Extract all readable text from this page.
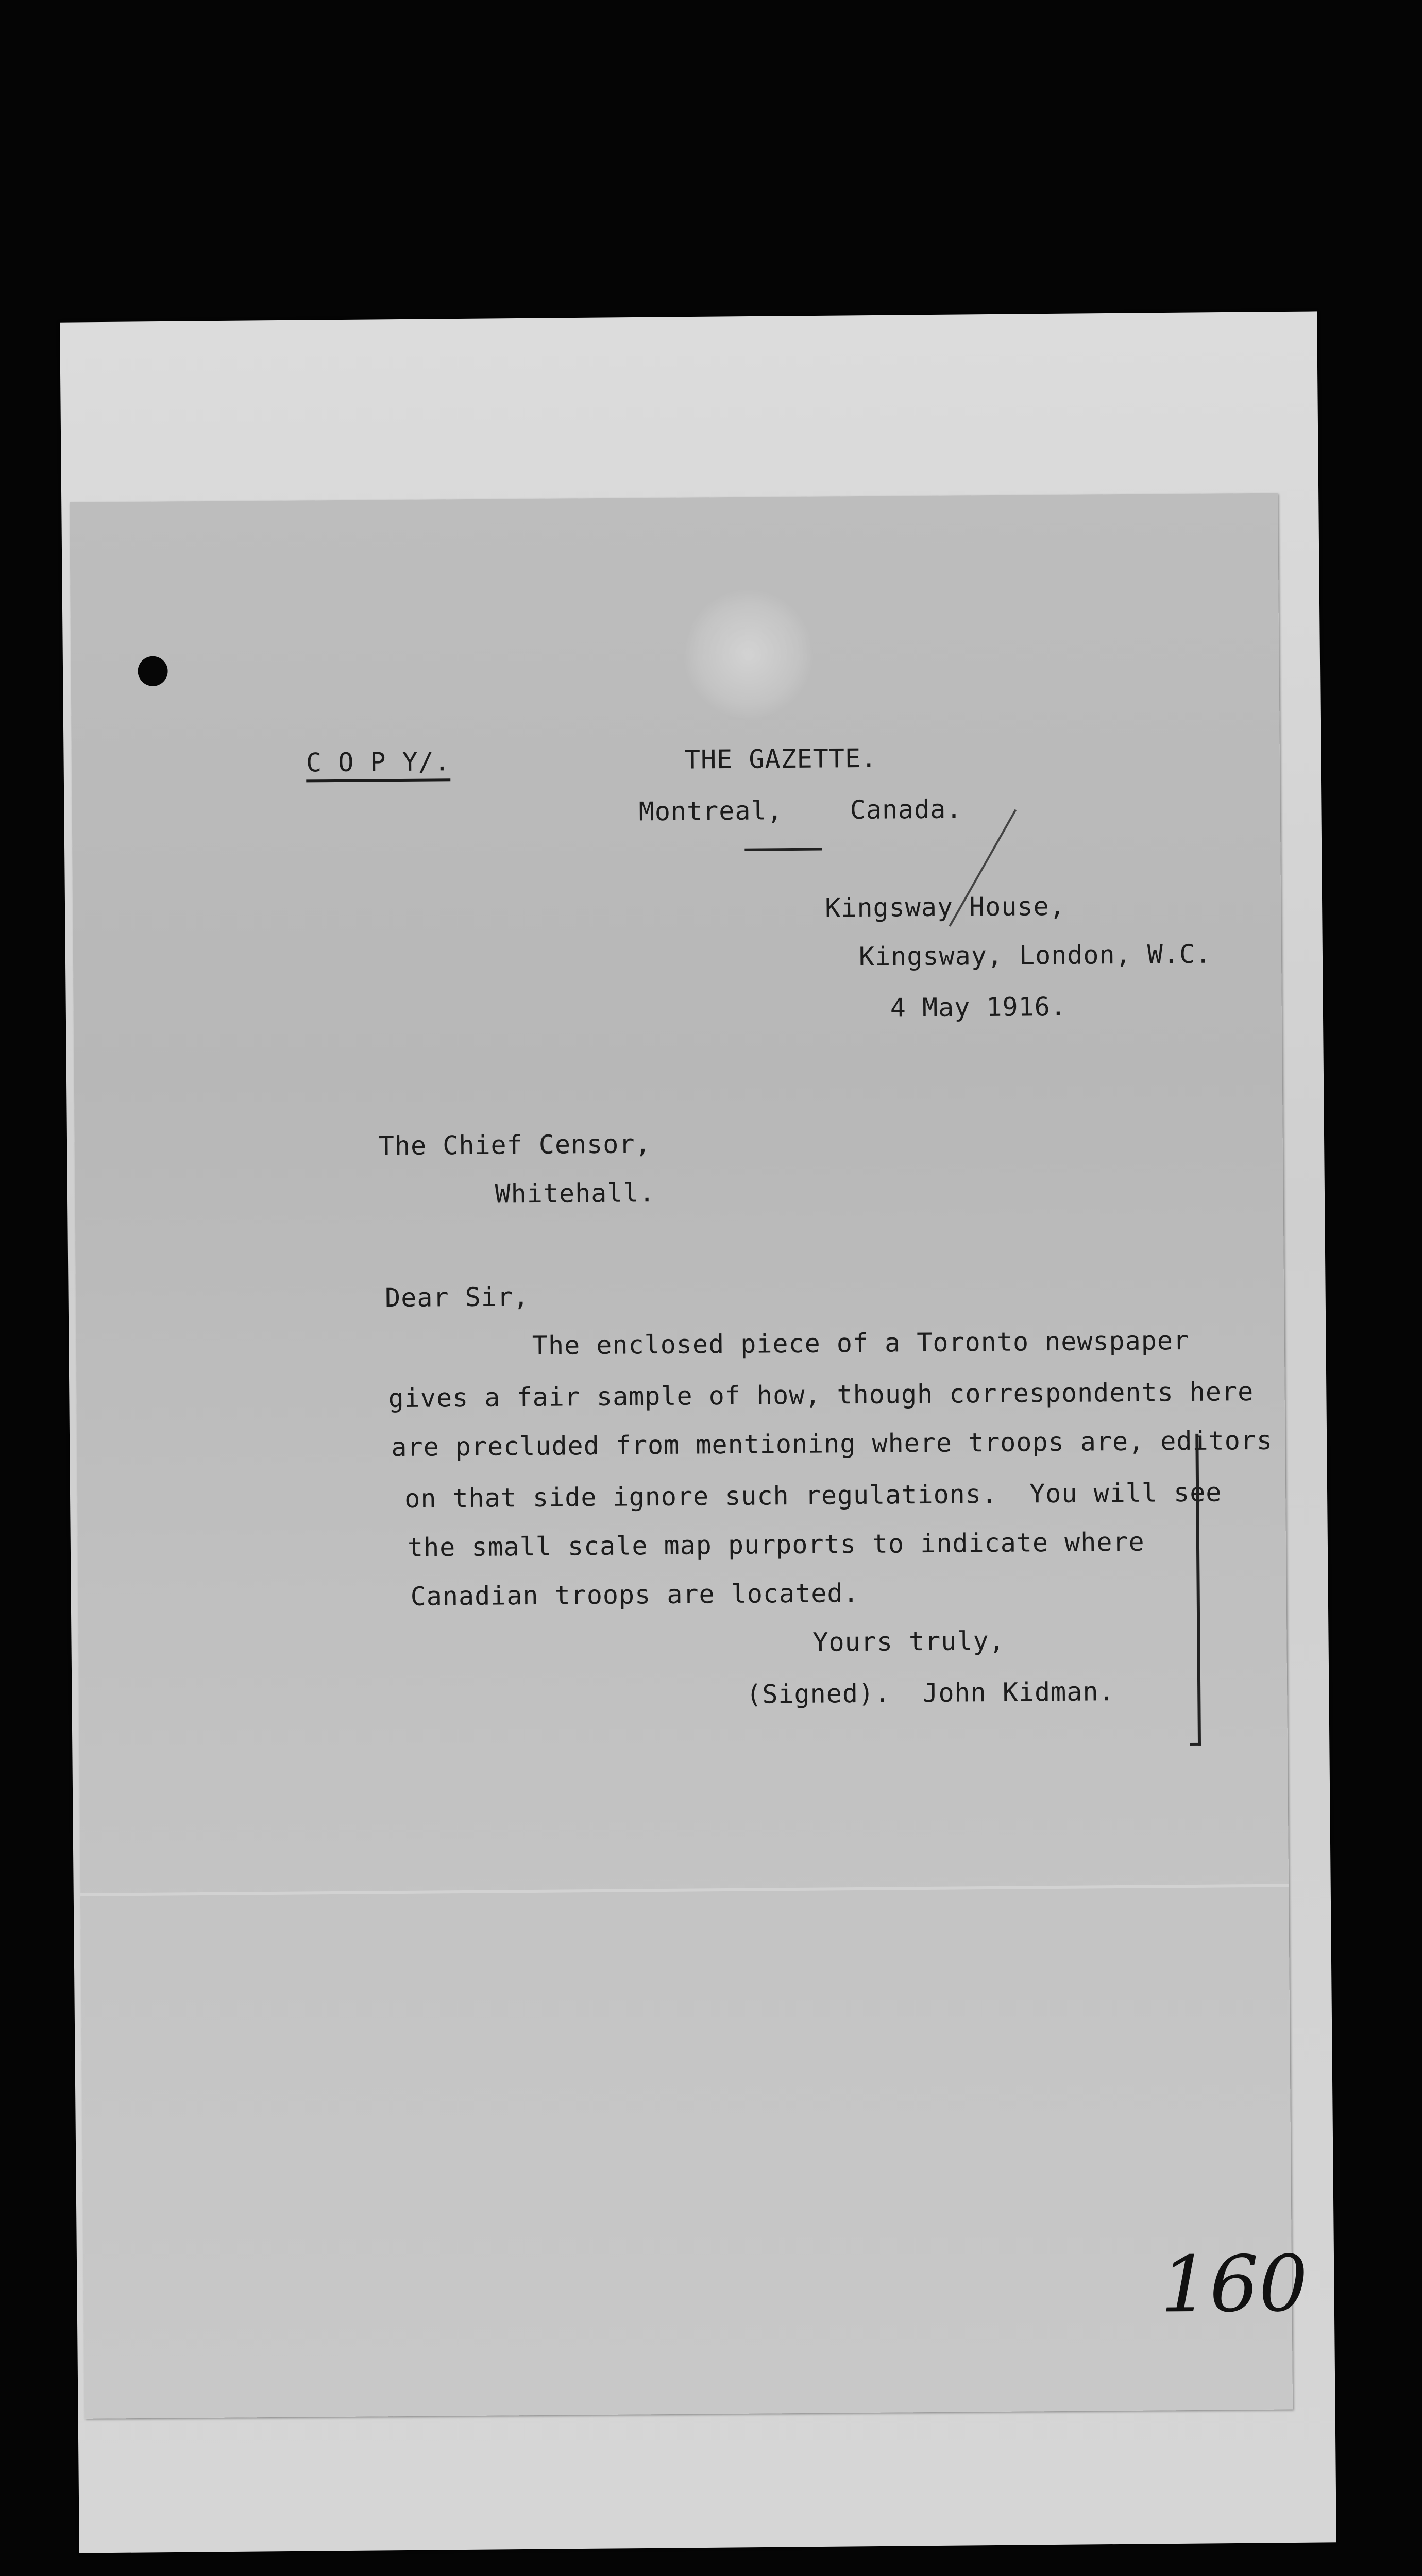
C O P Y/.	THE GAZETTE.
Montreal,	Canada.
Kingsway House,
Kingsway, London, W.C.
4 May 1916.
The Chief Censor,
Whitehall.
Dear Sir,
The enclosed piece of a Toronto newspaper
gives a fair sample of how, though correspondents here
are precluded from mentioning where troops are, editors
on that side ignore such regulations.  You will see
the small scale map purports to indicate where
Canadian troops are located.
Yours truly,
(Signed).  John Kidman.
160
